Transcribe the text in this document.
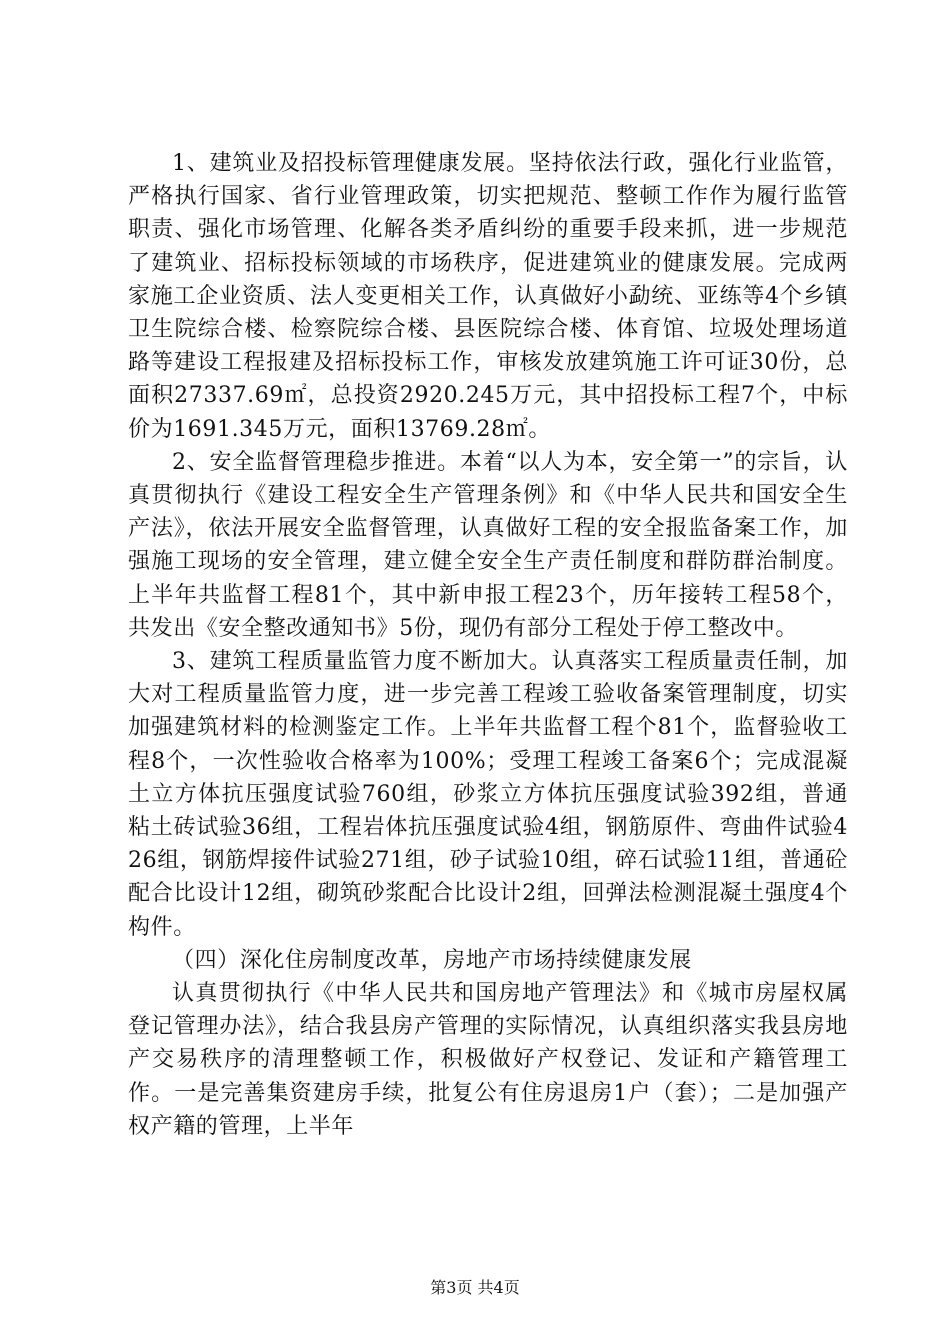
1、建筑业及招投标管理健康发展。坚持依法行政，强化行业监管，严格执行国家、省行业管理政策，切实把规范、整顿工作作为履行监管职责、强化市场管理、化解各类矛盾纠纷的重要手段来抓，进一步规范了建筑业、招标投标领域的市场秩序，促进建筑业的健康发展。完成两家施工企业资质、法人变更相关工作，认真做好小勐统、亚练等4个乡镇卫生院综合楼、检察院综合楼、县医院综合楼、体育馆、垃圾处理场道路等建设工程报建及招标投标工作，审核发放建筑施工许可证30份，总面积27337.69㎡，总投资2920.245万元，其中招投标工程7个，中标价为1691.345万元，面积13769.28㎡。

2、安全监督管理稳步推进。本着“以人为本，安全第一”的宗旨，认真贯彻执行《建设工程安全生产管理条例》和《中华人民共和国安全生产法》，依法开展安全监督管理，认真做好工程的安全报监备案工作，加强施工现场的安全管理，建立健全安全生产责任制度和群防群治制度。上半年共监督工程81个，其中新申报工程23个，历年接转工程58个，共发出《安全整改通知书》5份，现仍有部分工程处于停工整改中。

3、建筑工程质量监管力度不断加大。认真落实工程质量责任制，加大对工程质量监管力度，进一步完善工程竣工验收备案管理制度，切实加强建筑材料的检测鉴定工作。上半年共监督工程个81个，监督验收工程8个，一次性验收合格率为100%；受理工程竣工备案6个；完成混凝土立方体抗压强度试验760组，砂浆立方体抗压强度试验392组，普通粘土砖试验36组，工程岩体抗压强度试验4组，钢筋原件、弯曲件试验426组，钢筋焊接件试验271组，砂子试验10组，碎石试验11组，普通砼配合比设计12组，砌筑砂浆配合比设计2组，回弹法检测混凝土强度4个构件。

（四）深化住房制度改革，房地产市场持续健康发展

认真贯彻执行《中华人民共和国房地产管理法》和《城市房屋权属登记管理办法》，结合我县房产管理的实际情况，认真组织落实我县房地产交易秩序的清理整顿工作，积极做好产权登记、发证和产籍管理工作。一是完善集资建房手续，批复公有住房退房1户（套）；二是加强产权产籍的管理，上半年

第3页 共4页
